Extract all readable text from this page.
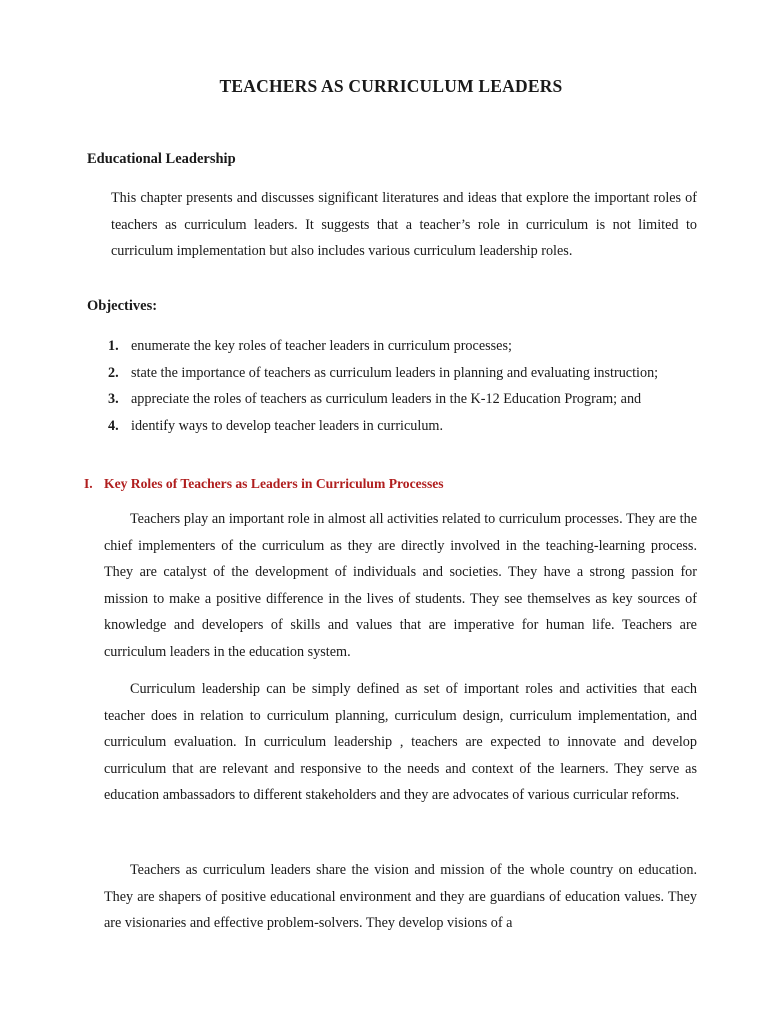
TEACHERS AS CURRICULUM LEADERS
Educational Leadership

This chapter presents and discusses significant literatures and ideas that explore the important roles of teachers as curriculum leaders. It suggests that a teacher’s role in curriculum is not limited to curriculum implementation but also includes various curriculum leadership roles.

Objectives:
1. enumerate the key roles of teacher leaders in curriculum processes;
2. state the importance of teachers as curriculum leaders in planning and evaluating instruction;
3. appreciate the roles of teachers as curriculum leaders in the K-12 Education Program; and
4. identify ways to develop teacher leaders in curriculum.
I. Key Roles of Teachers as Leaders in Curriculum Processes

Teachers play an important role in almost all activities related to curriculum processes. They are the chief implementers of the curriculum as they are directly involved in the teaching-learning process. They are catalyst of the development of individuals and societies. They have a strong passion for mission to make a positive difference in the lives of students. They see themselves as key sources of knowledge and developers of skills and values that are imperative for human life. Teachers are curriculum leaders in the education system.

Curriculum leadership can be simply defined as set of important roles and activities that each teacher does in relation to curriculum planning, curriculum design, curriculum implementation, and curriculum evaluation. In curriculum leadership , teachers are expected to innovate and develop curriculum that are relevant and responsive to the needs and context of the learners. They serve as education ambassadors to different stakeholders and they are advocates of various curricular reforms.

Teachers as curriculum leaders share the vision and mission of the whole country on education. They are shapers of positive educational environment and they are guardians of education values. They are visionaries and effective problem-solvers. They develop visions of a
